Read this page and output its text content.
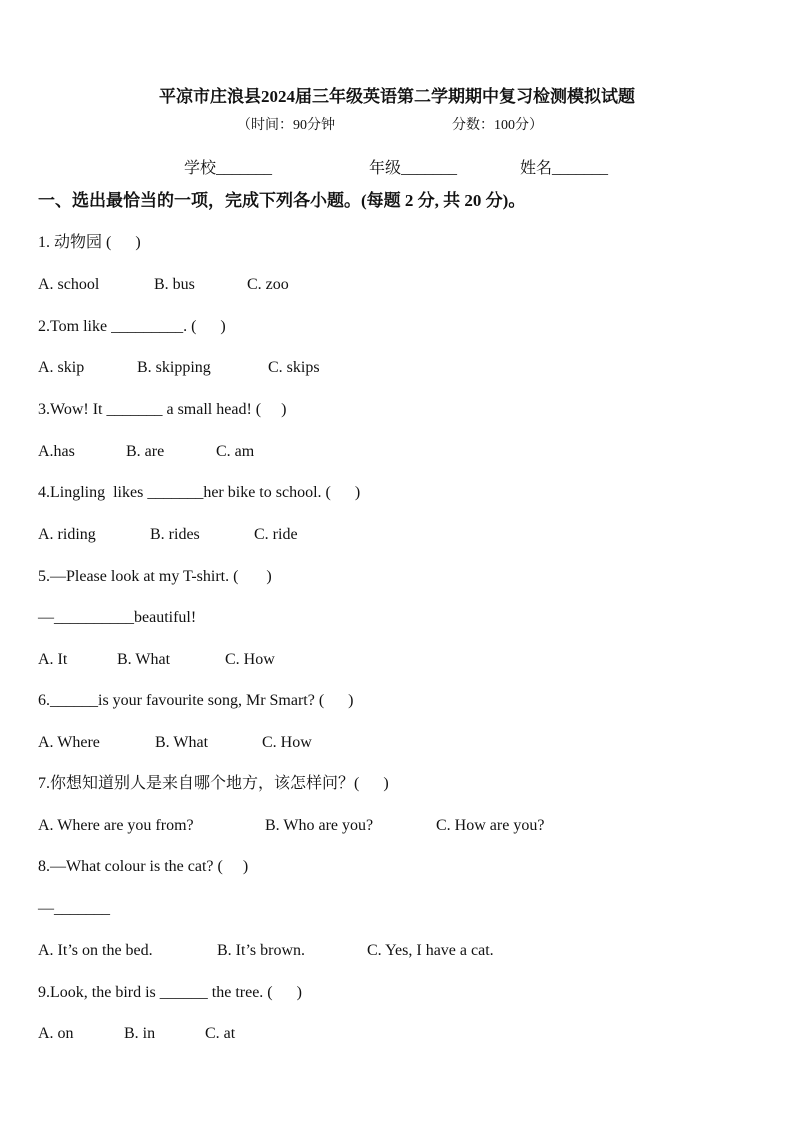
平凉市庄浪县2024届三年级英语第二学期期中复习检测模拟试题
（时间：90分钟	分数：100分）
学校_______	年级_______	姓名_______
一、选出最恰当的一项，完成下列各小题。(每题 2 分, 共 20 分)。
1. 动物园 (      )
A. school	B. bus	C. zoo
2.Tom like _________. (      )
A. skip	B. skipping	C. skips
3.Wow! It _______ a small head! (     )
A.has	B. are	C. am
4.Lingling  likes _______her bike to school. (      )
A. riding	B. rides	C. ride
5.—Please look at my T-shirt. (       )
—__________beautiful!
A. It	B. What	C. How
6.______is your favourite song, Mr Smart? (      )
A. Where	B. What	C. How
7.你想知道别人是来自哪个地方，该怎样问？(      )
A. Where are you from?	B. Who are you?	C. How are you?
8.—What colour is the cat? (     )
—_______
A. It’s on the bed.	B. It’s brown.	C. Yes, I have a cat.
9.Look, the bird is ______ the tree. (      )
A. on	B. in	C. at
